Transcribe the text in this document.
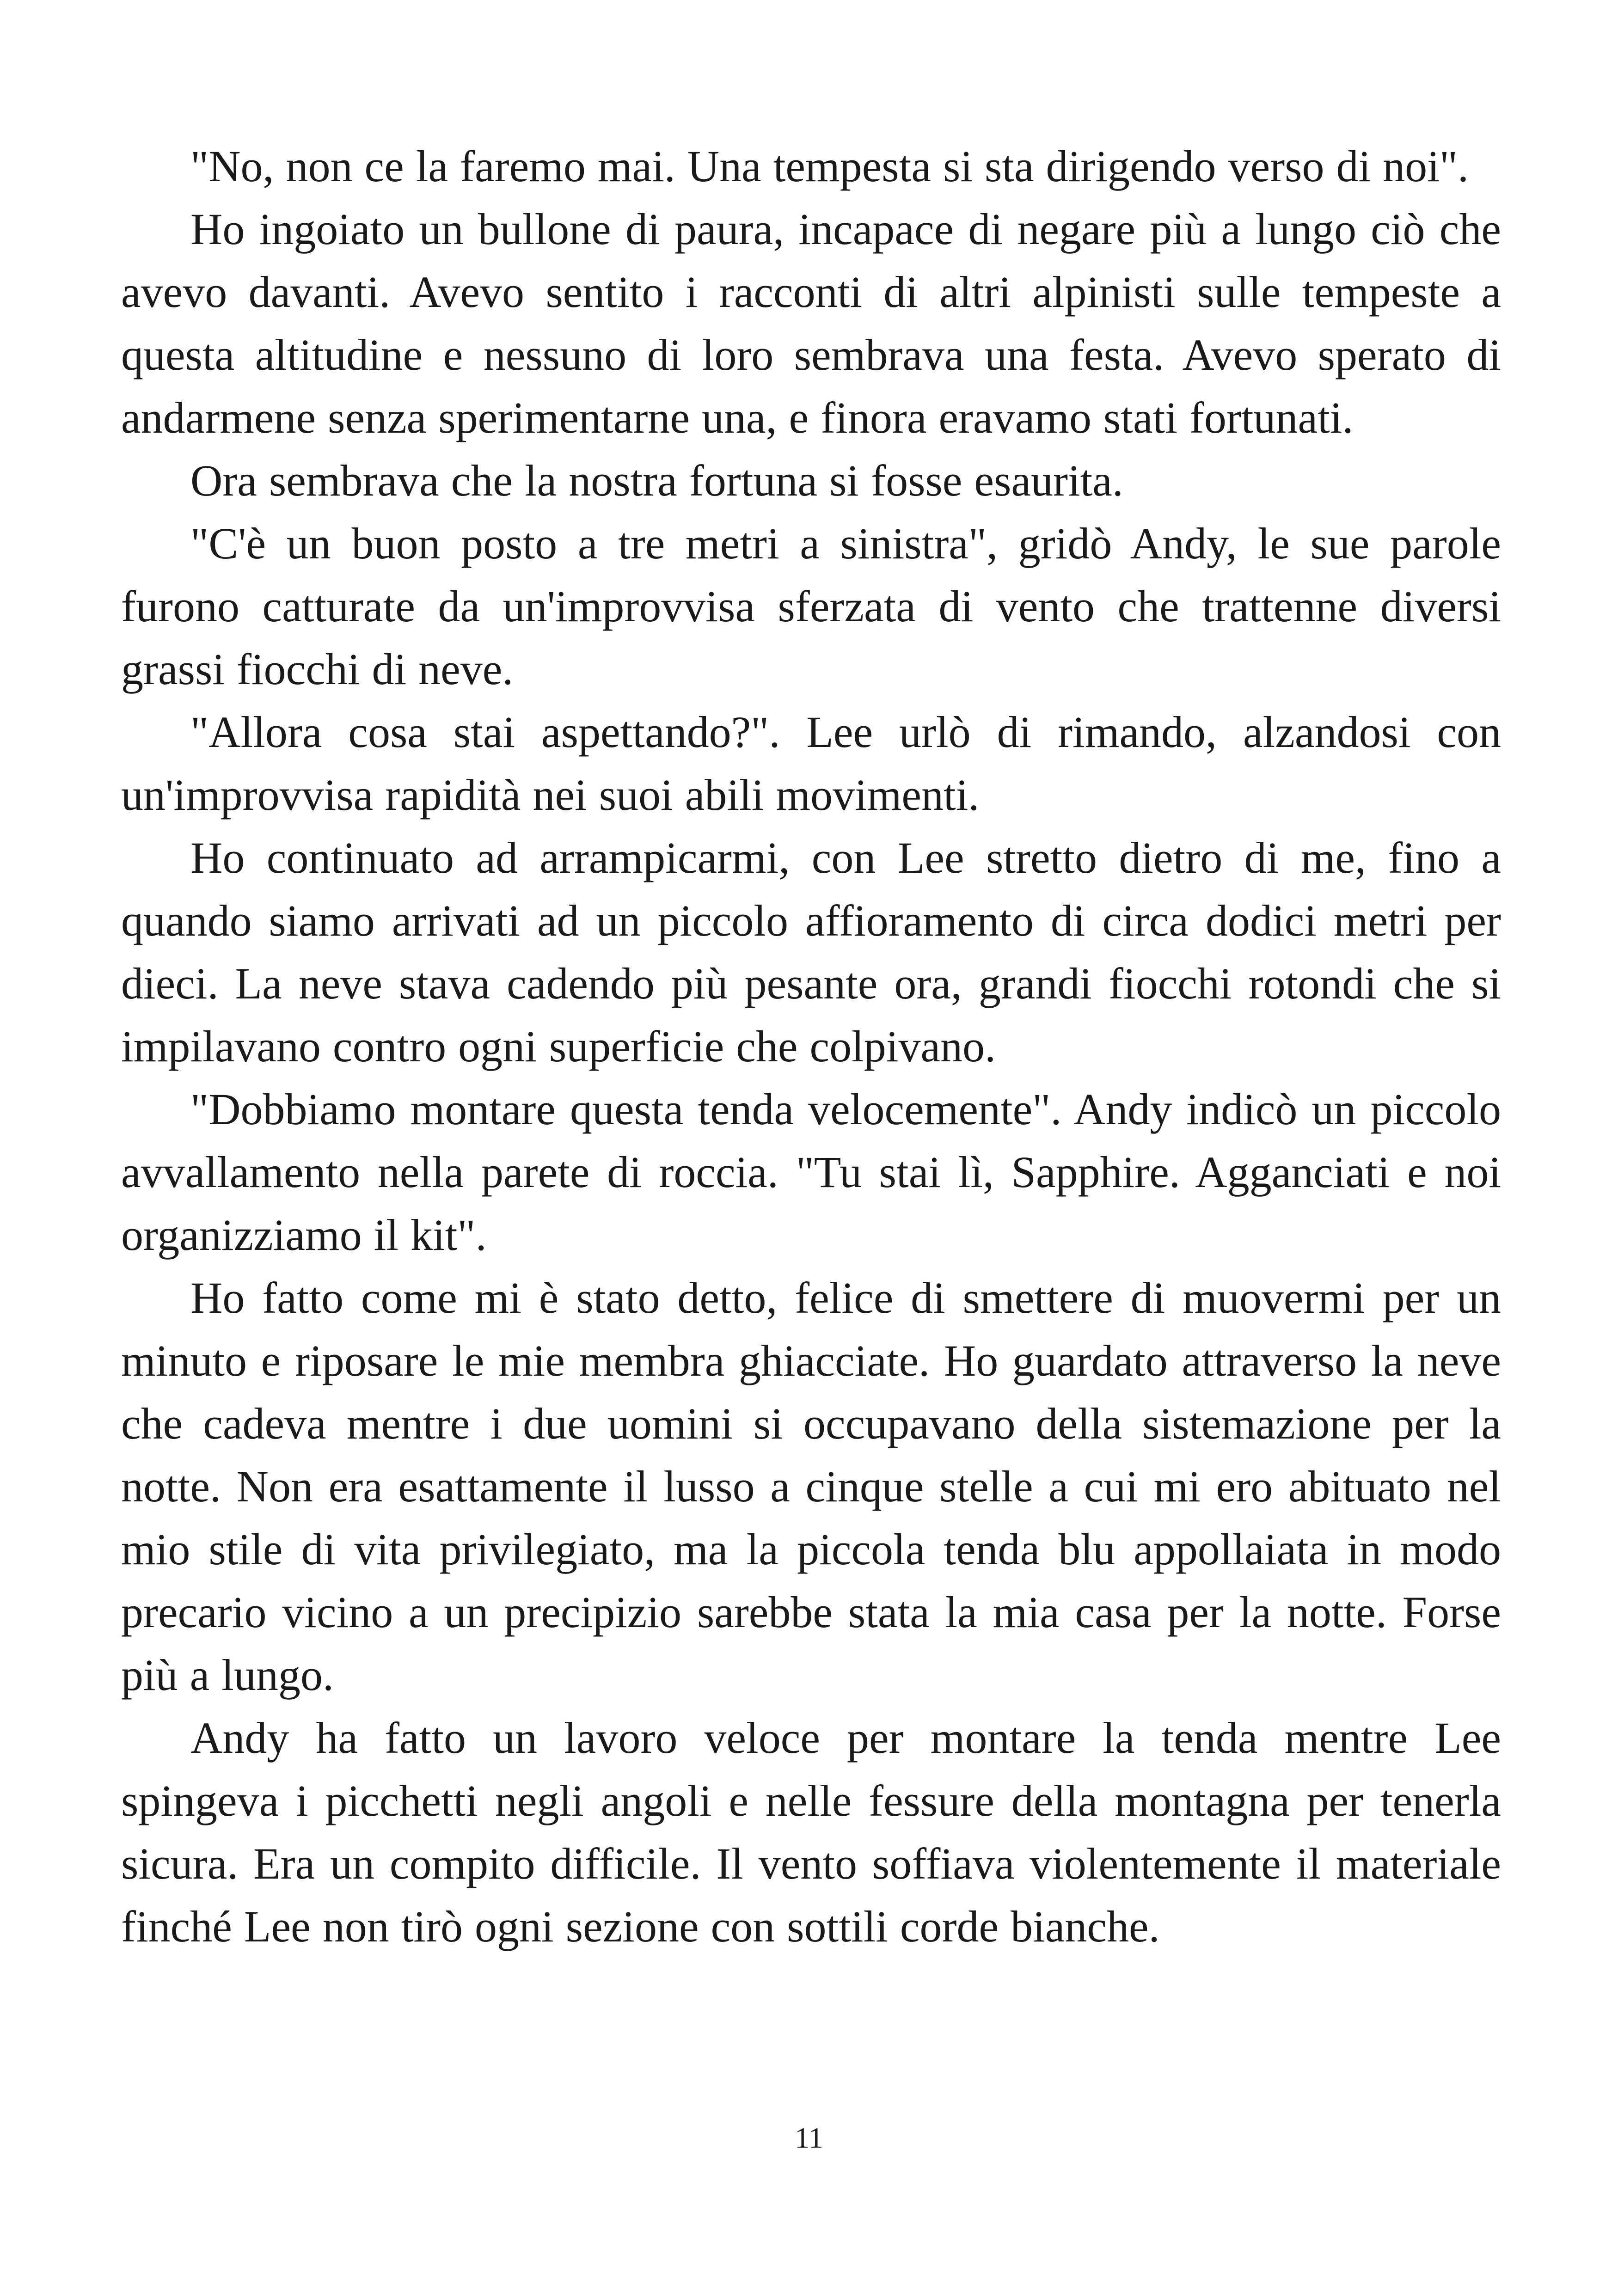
"No, non ce la faremo mai. Una tempesta si sta dirigendo verso di noi".

Ho ingoiato un bullone di paura, incapace di negare più a lungo ciò che avevo davanti. Avevo sentito i racconti di altri alpinisti sulle tempeste a questa altitudine e nessuno di loro sembrava una festa. Avevo sperato di andarmene senza sperimentarne una, e finora eravamo stati fortunati.

Ora sembrava che la nostra fortuna si fosse esaurita.

"C'è un buon posto a tre metri a sinistra", gridò Andy, le sue parole furono catturate da un'improvvisa sferzata di vento che trattenne diversi grassi fiocchi di neve.

"Allora cosa stai aspettando?". Lee urlò di rimando, alzandosi con un'improvvisa rapidità nei suoi abili movimenti.

Ho continuato ad arrampicarmi, con Lee stretto dietro di me, fino a quando siamo arrivati ad un piccolo affioramento di circa dodici metri per dieci. La neve stava cadendo più pesante ora, grandi fiocchi rotondi che si impilavano contro ogni superficie che colpivano.

"Dobbiamo montare questa tenda velocemente". Andy indicò un piccolo avvallamento nella parete di roccia. "Tu stai lì, Sapphire. Agganciati e noi organizziamo il kit".

Ho fatto come mi è stato detto, felice di smettere di muovermi per un minuto e riposare le mie membra ghiacciate. Ho guardato attraverso la neve che cadeva mentre i due uomini si occupavano della sistemazione per la notte. Non era esattamente il lusso a cinque stelle a cui mi ero abituato nel mio stile di vita privilegiato, ma la piccola tenda blu appollaiata in modo precario vicino a un precipizio sarebbe stata la mia casa per la notte. Forse più a lungo.

Andy ha fatto un lavoro veloce per montare la tenda mentre Lee spingeva i picchetti negli angoli e nelle fessure della montagna per tenerla sicura. Era un compito difficile. Il vento soffiava violentemente il materiale finché Lee non tirò ogni sezione con sottili corde bianche.

11
